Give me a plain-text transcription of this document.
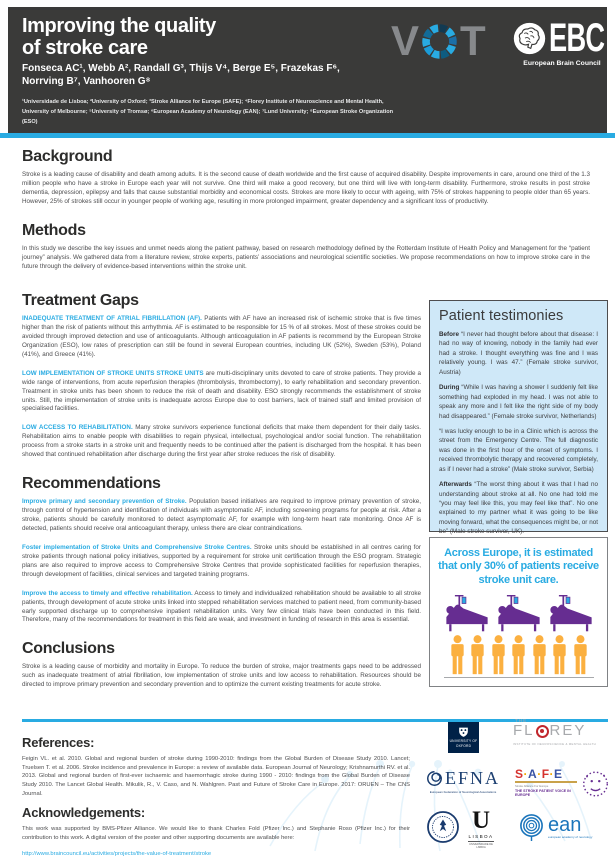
Improving the quality
of stroke care
Fonseca AC¹, Webb A², Randall G³, Thijs V⁴, Berge E⁵, Frazekas F⁶,
Norrving B⁷, Vanhooren G⁸
¹Universidade de Lisboa; ²University of Oxford; ³Stroke Alliance for Europe (SAFE); ⁴Florey Institute of Neuroscience and Mental Health, University of Melbourne; ⁵University of Tromsø; ⁶European Academy of Neurology (EAN); ⁷Lund University; ⁸European Stroke Organization (ESO)
V T EBC
European Brain Council
Background

Stroke is a leading cause of disability and death among adults. It is the second cause of death worldwide and the first cause of acquired disability. Despite improvements in care, around one third of the 1.3 million people who have a stroke in Europe each year will not survive. One third will make a good recovery, but one third will live with long-term disability. Furthermore, stroke results in post stroke dementia, depression, epilepsy and falls that cause substantial morbidity and economical costs. Strokes are more likely to occur with ageing, with 75% of strokes happening to people older than 65 years. However, 25% of strokes still occur in younger people of working age, resulting in more prolonged impairment, greater dependency and a significant loss of productivity.

Methods

In this study we describe the key issues and unmet needs along the patient pathway, based on research methodology defined by the Rotterdam Institute of Health Policy and Management for the “patient journey” analysis. We gathered data from a literature review, stroke experts, patients’ associations and neurological scientific societies. We propose recommendations on how to improve stroke care in the future through the delivery of evidence-based interventions within the stroke unit.

Treatment Gaps

INADEQUATE TREATMENT OF ATRIAL FIBRILLATION (AF). Patients with AF have an increased risk of ischemic stroke that is five times higher than the risk of patients without this arrhythmia. AF is estimated to be responsible for 15 % of all strokes. Most of these strokes could be avoided through improved detection and use of anticoagulants. Although anticoagulation in AF patients is recommend by the European Stroke Organization (ESO), low rates of prescription can still be found in several European countries, including UK (52%), Sweden (53%), Poland (41%), and Greece (41%).

LOW IMPLEMENTATION OF STROKE UNITS STROKE UNITS are multi-disciplinary units devoted to care of stroke patients. They provide a wide range of interventions, from acute reperfusion therapies (thrombolysis, thrombectomy), to early rehabilitation and secondary prevention. Treatment in stroke units has been shown to reduce the risk of death and disability. ESO strongly recommends the establishment of stroke units. Still, the implementation of stroke units is inadequate across Europe due to cost barriers, lack of trained staff and limited provision of specialised facilities.

LOW ACCESS TO REHABILITATION. Many stroke survivors experience functional deficits that make them dependent for their daily tasks. Rehabilitation aims to enable people with disabilities to regain physical, intellectual, psychological and/or social function. The rehabilitation process from a stroke starts in a stroke unit and frequently needs to be continued after the patient is discharged from the hospital. It has been showed that continued rehabilitation after discharge during the first year after stroke reduces the risk of disability.

Recommendations

Improve primary and secondary prevention of Stroke. Population based initiatives are required to improve primary prevention of stroke, through control of hypertension and identification of individuals with asymptomatic AF, including screening programs for people at risk. After a stroke, patients should be carefully monitored to detect asymptomatic AF, for example with long-term heart rate monitoring. Once AF is detected, patients should receive oral anticoagulant therapy, unless there are clear contraindications.

Foster implementation of Stroke Units and Comprehensive Stroke Centres. Stroke units should be established in all centres caring for stroke patients through national policy initiatives, supported by a requirement for stroke unit certification through the ESO program. Strategic plans are also required to improve access to Comprehensive Stroke Centres that provide sophisticated facilities for reperfusion therapies, through development of facilities, clinical services and targeted training programs.

Improve the access to timely and effective rehabilitation. Access to timely and individualized rehabilitation should be available to all stroke patients, through development of acute stroke units linked into stepped rehabilitation services matched to patient need, from community-based early supported discharge up to comprehensive inpatient rehabilitation units. Very few clinical trials have been conducted in this field. Therefore, many of the recommendations for treatment in this field are weak, and investment in funding of research in this area is essential.

Conclusions

Stroke is a leading cause of morbidity and mortality in Europe. To reduce the burden of stroke, major treatments gaps need to be addressed such as inadequate treatment of atrial fibrillation, low implementation of stroke units and low access to rehabilitation. Resources should be directed to improve primary prevention and secondary prevention and to optimize the current existing treatments for acute stroke.

Patient testimonies
Before “I never had thought before about that disease: I had no way of knowing, nobody in the family had ever had a stroke. I thought everything was fine and I was relatively young. I was 47.” (Female stroke survivor, Austria)
During “While I was having a shower I suddenly felt like something had exploded in my head. I was not able to speak any more and I felt like the right side of my body had disappeared.” (Female stroke survivor, Netherlands)
“I was lucky enough to be in a Clinic which is across the street from the Emergency Centre. The full diagnostic was done in the first hour of the onset of symptoms. I received thrombolytic therapy and recovered completely, as if I never had a stroke” (Male stroke survivor, Serbia)
Afterwards “The worst thing about it was that I had no understanding about stroke at all. No one had told me “you may feel like this, you may feel like that”. No one explained to my partner what it was going to be like moving forward, what the consequences might be, or not be” (Male stroke survivor, UK).
Across Europe, it is estimated that only 30% of patients receive stroke unit care.
References:

Feigin VL. et al. 2010. Global and regional burden of stroke during 1990-2010: findings from the Global Burden of Disease Study 2010. Lancet; Truelsen T. et al. 2006. Stroke incidence and prevalence in Europe: a review of available data. European Journal of Neurology; Krishnamurthi RV. et al. 2013. Global and regional burden of first-ever ischaemic and haemorrhagic stroke during 1990 - 2010: findings from the Global Burden of Disease Study 2010. The Lancet Global Health. Mikulik, R., V. Caso, and N. Wahlgren. Past and Future of Stroke Care in Europe. 2017: ORUEN – The CNS Journal.

Acknowledgements:

This work was supported by BMS-Pfizer Alliance. We would like to thank Charles Fold (Pfizer Inc.) and Stephanie Roso (Pfizer Inc.) for their contribution to this work. A digital version of the poster and other supporting documents are available here:

http://www.braincouncil.eu/activities/projects/the-value-of-treatment/stroke
UNIVERSITY OF OXFORD
THE
FL REY
INSTITUTE OF NEUROSCIENCE & MENTAL HEALTH
EFNA
European Federation of Neurological Associations
S · A · F · E
Stroke Alliance For Europe
THE STROKE PATIENT VOICE IN EUROPE
U
LISBOA
UNIVERSIDADE DE LISBOA
ean
european academy of neurology
